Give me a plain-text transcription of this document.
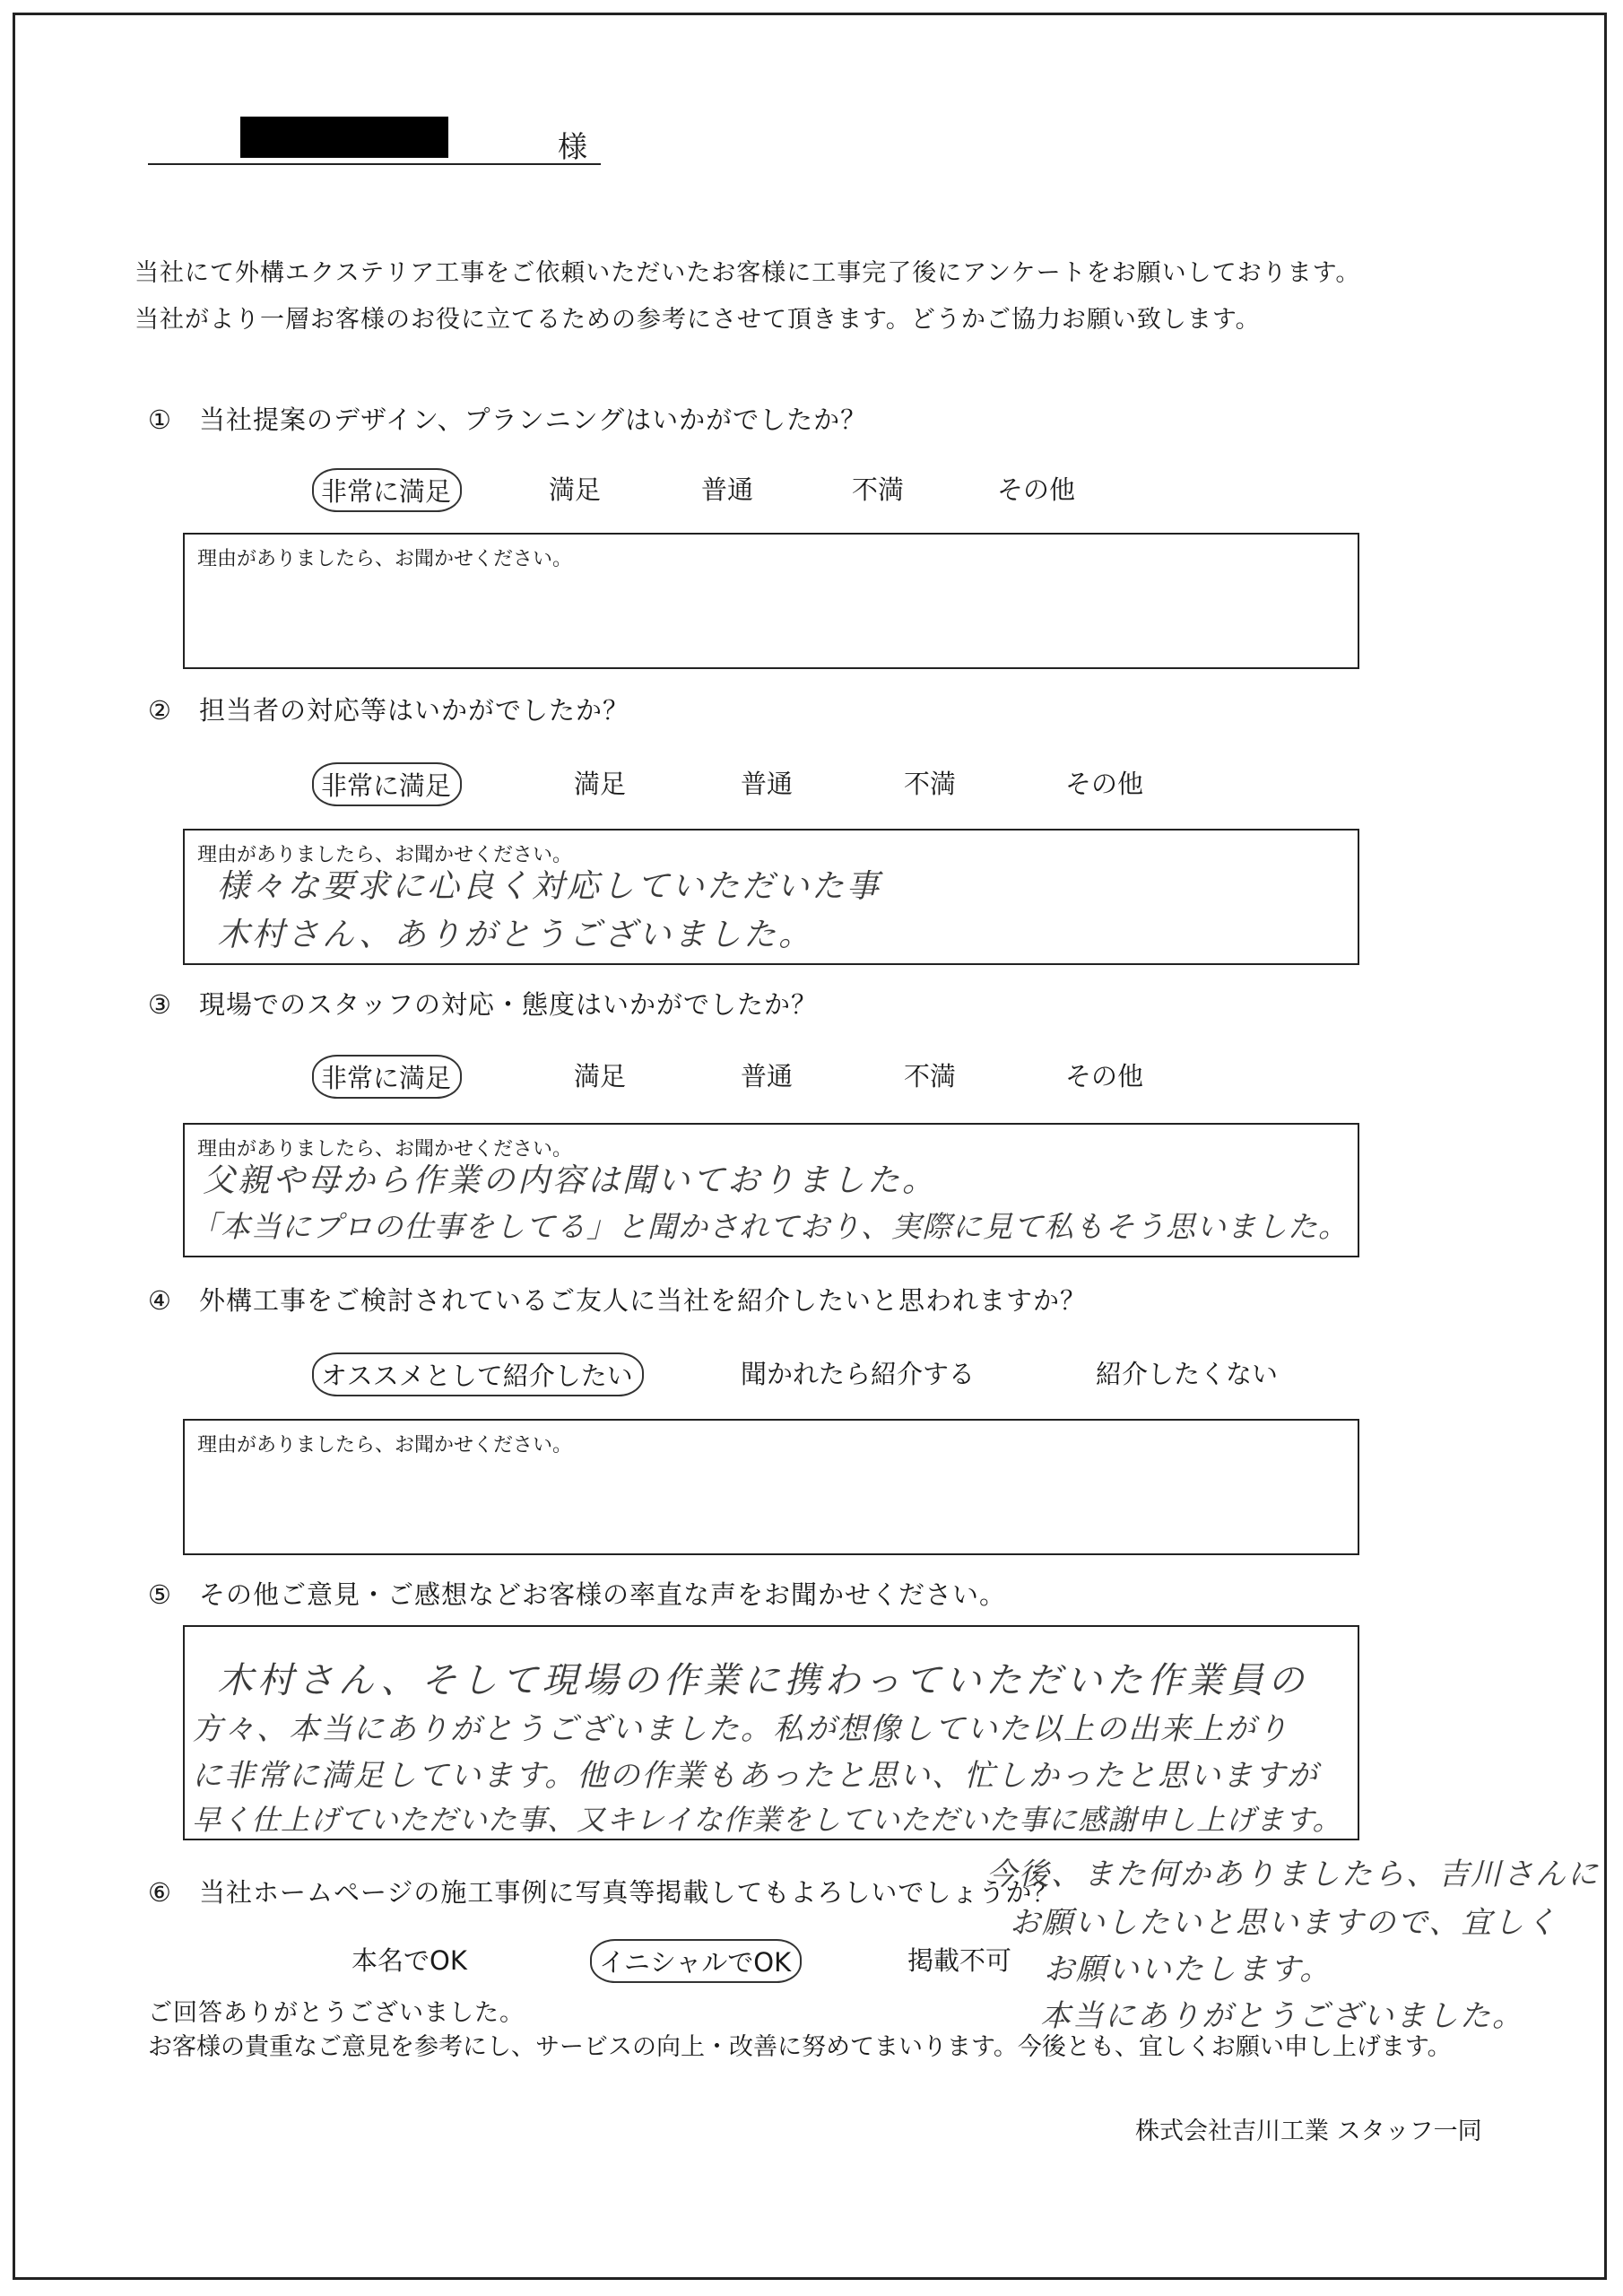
様
当社にて外構エクステリア工事をご依頼いただいたお客様に工事完了後にアンケートをお願いしております。
当社がより一層お客様のお役に立てるための参考にさせて頂きます。どうかご協力お願い致します。
①　当社提案のデザイン、プランニングはいかがでしたか？
非常に満足	満足	普通	不満	その他
理由がありましたら、お聞かせください。
②　担当者の対応等はいかがでしたか？
非常に満足	満足	普通	不満	その他
理由がありましたら、お聞かせください。
様々な要求に心良く対応していただいた事
木村さん、ありがとうございました。
③　現場でのスタッフの対応・態度はいかがでしたか？
非常に満足	満足	普通	不満	その他
理由がありましたら、お聞かせください。
父親や母から作業の内容は聞いておりました。
「本当にプロの仕事をしてる」と聞かされており、実際に見て私もそう思いました。
④　外構工事をご検討されているご友人に当社を紹介したいと思われますか？
オススメとして紹介したい	聞かれたら紹介する	紹介したくない
理由がありましたら、お聞かせください。
⑤　その他ご意見・ご感想などお客様の率直な声をお聞かせください。
木村さん、そして現場の作業に携わっていただいた作業員の
方々、本当にありがとうございました。私が想像していた以上の出来上がり
に非常に満足しています。他の作業もあったと思い、忙しかったと思いますが
早く仕上げていただいた事、又キレイな作業をしていただいた事に感謝申し上げます。
⑥　当社ホームページの施工事例に写真等掲載してもよろしいでしょうか？
本名でOK	イニシャルでOK	掲載不可
今後、また何かありましたら、吉川さんに
お願いしたいと思いますので、宜しく
お願いいたします。
本当にありがとうございました。
ご回答ありがとうございました。
お客様の貴重なご意見を参考にし、サービスの向上・改善に努めてまいります。今後とも、宜しくお願い申し上げます。
株式会社吉川工業 スタッフ一同
